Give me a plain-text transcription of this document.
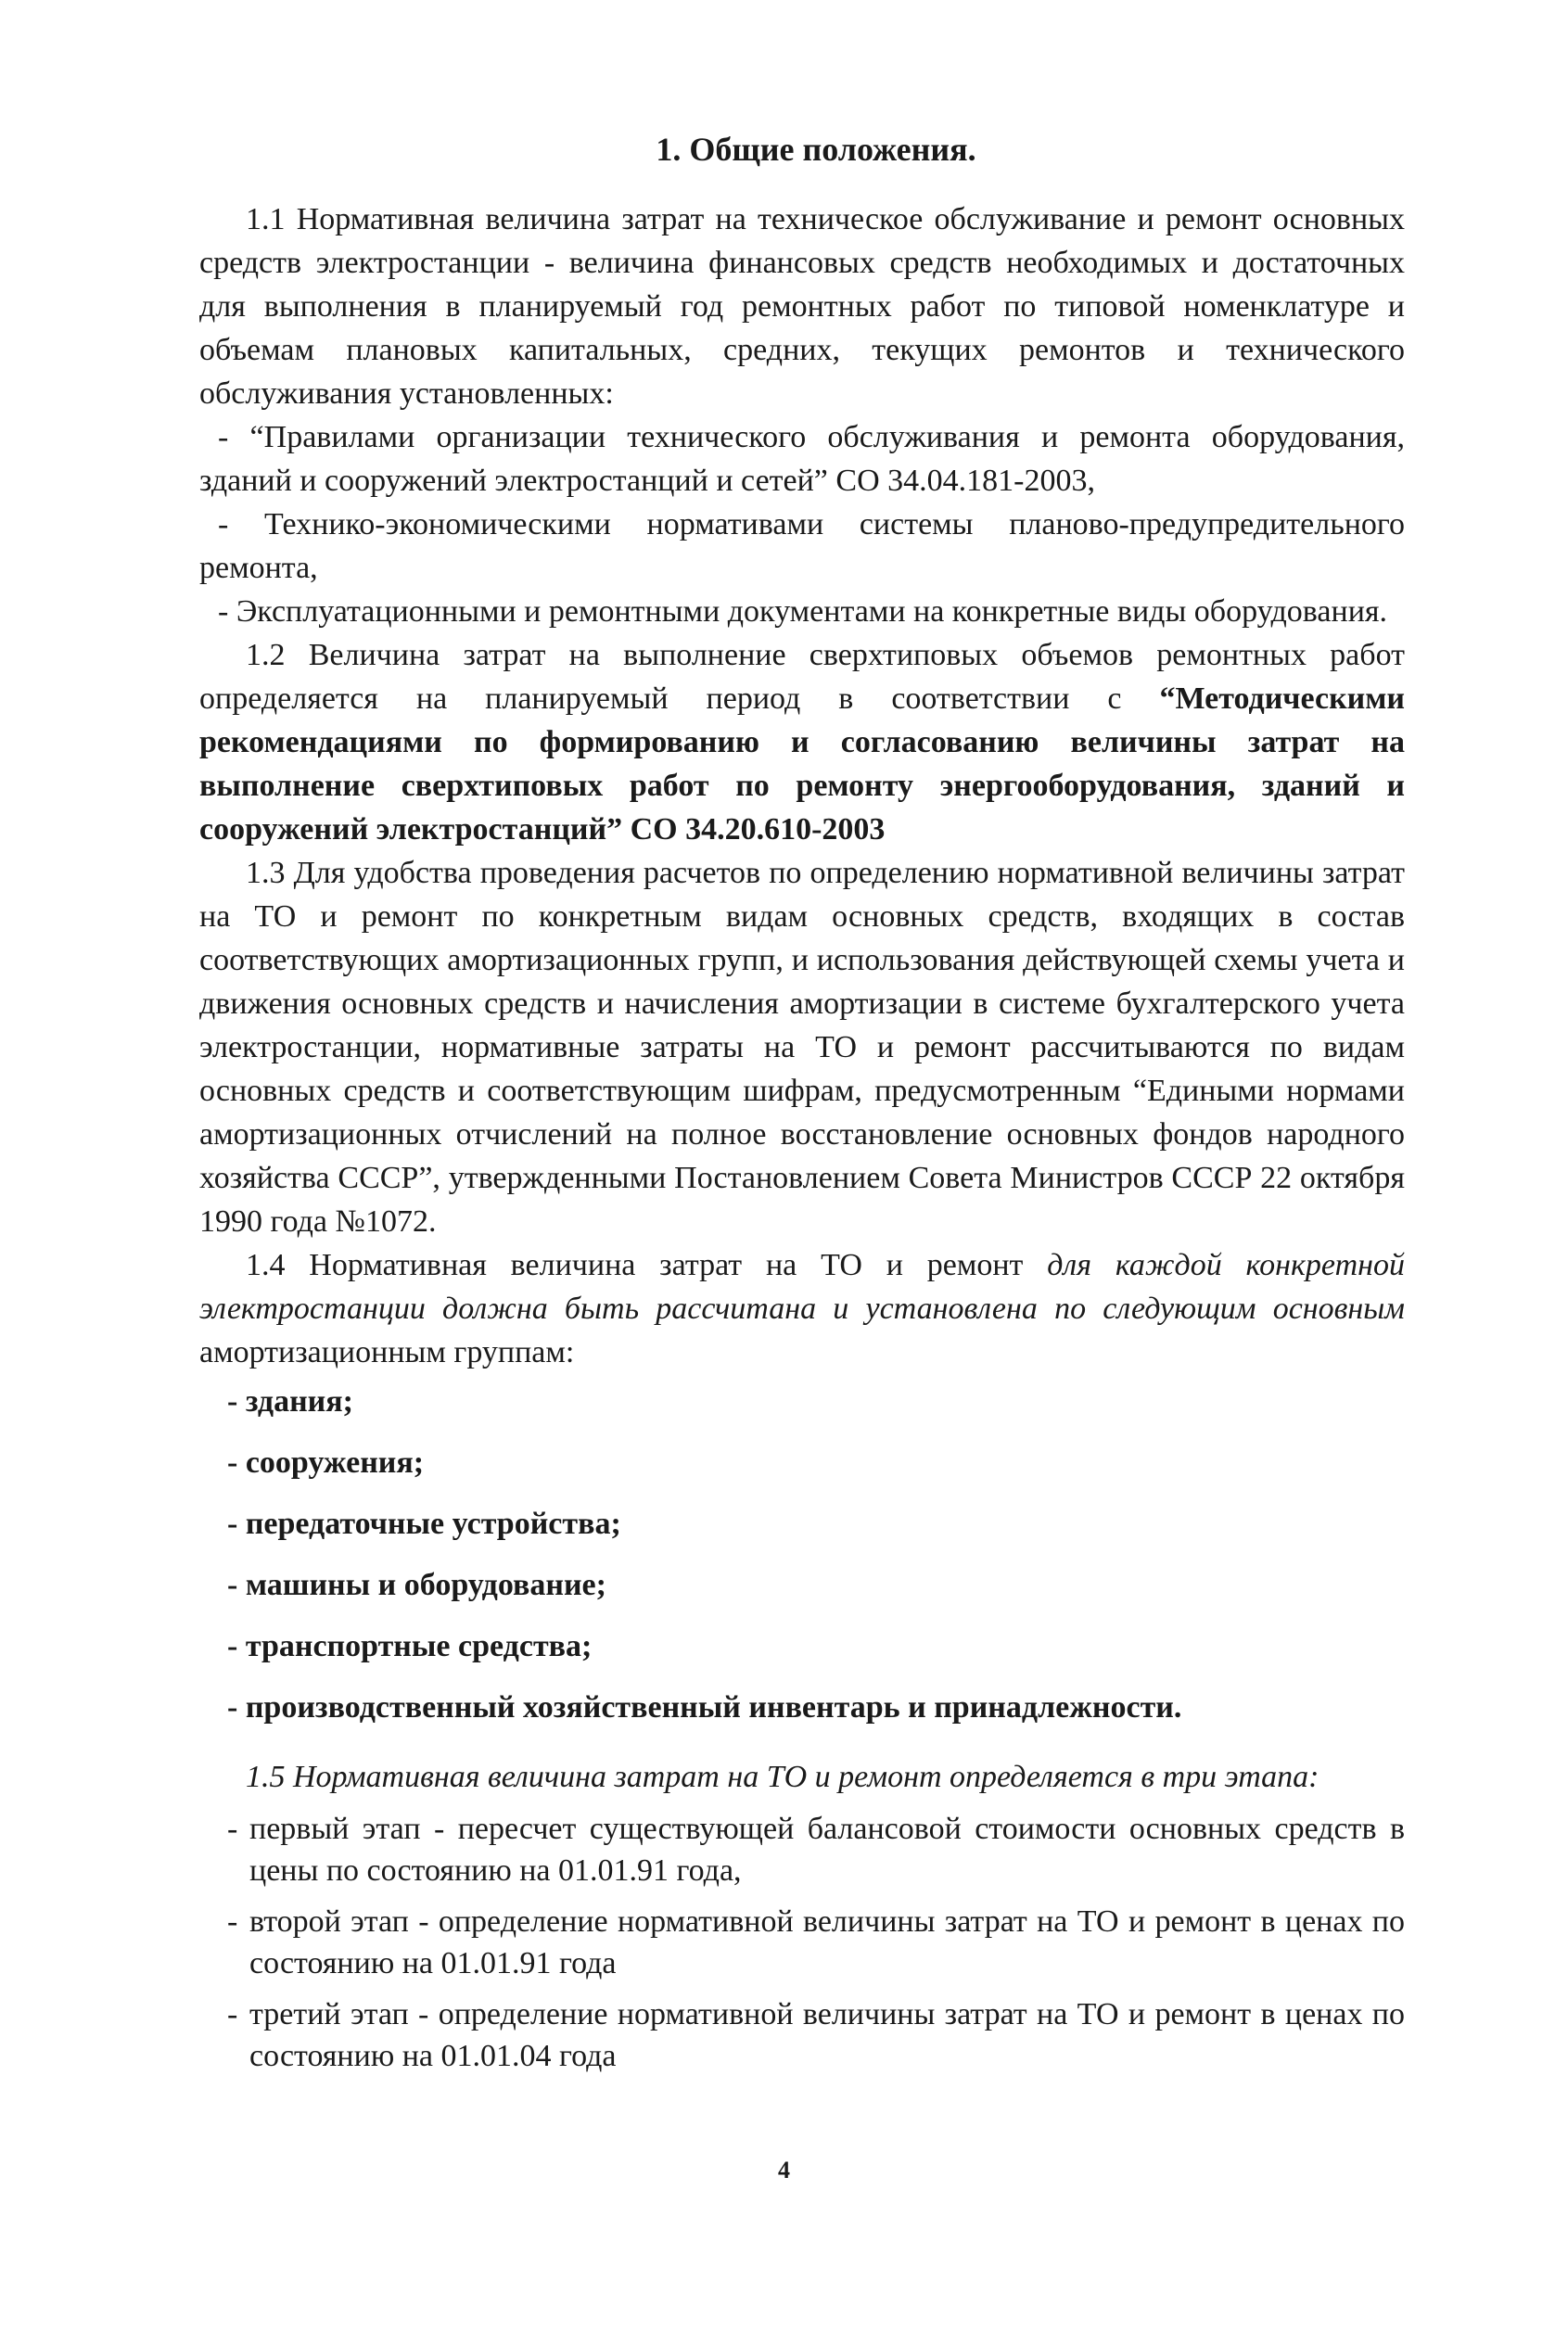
1. Общие положения.

1.1 Нормативная величина затрат на техническое обслуживание и ремонт основных средств электростанции - величина финансовых средств необходимых и достаточных для выполнения в планируемый год ремонтных работ по типовой номенклатуре и объемам плановых капитальных, средних, текущих ремонтов и технического обслуживания установленных:

- “Правилами организации технического обслуживания и ремонта оборудования, зданий и сооружений электростанций и сетей” СО 34.04.181-2003,

- Технико-экономическими нормативами системы планово-предупредительного ремонта,

- Эксплуатационными и ремонтными документами на конкретные виды оборудования.

1.2 Величина затрат на выполнение сверхтиповых объемов ремонтных работ определяется на планируемый период в соответствии с “Методическими рекомендациями по формированию и согласованию величины затрат на выполнение сверхтиповых работ по ремонту энергооборудования, зданий и сооружений электростанций” СО 34.20.610-2003

1.3 Для удобства проведения расчетов по определению нормативной величины затрат на ТО и ремонт по конкретным видам основных средств, входящих в состав соответствующих амортизационных групп, и использования действующей схемы учета и движения основных средств и начисления амортизации в системе бухгалтерского учета электростанции, нормативные затраты на ТО и ремонт рассчитываются по видам основных средств и соответствующим шифрам, предусмотренным “Едиными нормами амортизационных отчислений на полное восстановление основных фондов народного хозяйства СССР”, утвержденными Постановлением Совета Министров СССР 22 октября 1990 года №1072.

1.4 Нормативная величина затрат на ТО и ремонт для каждой конкретной электростанции должна быть рассчитана и установлена по следующим основным амортизационным группам:

- здания;
- сооружения;
- передаточные устройства;
- машины и оборудование;
- транспортные средства;
- производственный хозяйственный инвентарь и принадлежности.

1.5 Нормативная величина затрат на ТО и ремонт определяется в три этапа:

- первый этап - пересчет существующей балансовой стоимости основных средств в цены по состоянию на 01.01.91 года,
- второй этап - определение нормативной величины затрат на ТО и ремонт в ценах по состоянию на 01.01.91 года
- третий этап - определение нормативной величины затрат на ТО и ремонт в ценах по состоянию на 01.01.04 года
4
